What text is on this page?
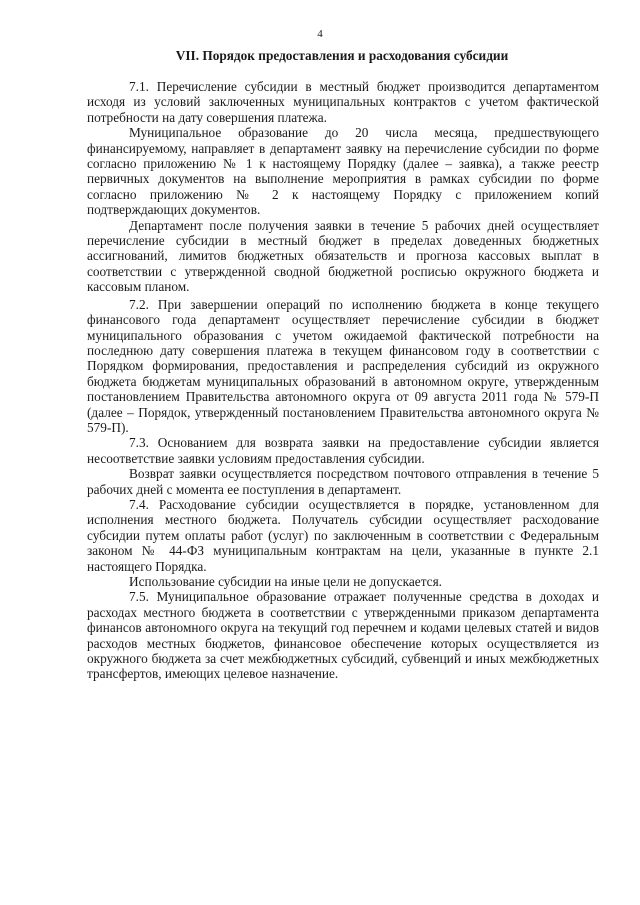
4
VII. Порядок предоставления и расходования субсидии

7.1. Перечисление субсидии в местный бюджет производится департаментом исходя из условий заключенных муниципальных контрактов с учетом фактической потребности на дату совершения платежа.

Муниципальное образование до 20 числа месяца, предшествующего финансируемому, направляет в департамент заявку на перечисление субсидии по форме согласно приложению № 1 к настоящему Порядку (далее – заявка), а также реестр первичных документов на выполнение мероприятия в рамках субсидии по форме согласно приложению № 2 к настоящему Порядку с приложением копий подтверждающих документов.

Департамент после получения заявки в течение 5 рабочих дней осуществляет перечисление субсидии в местный бюджет в пределах доведенных бюджетных ассигнований, лимитов бюджетных обязательств и прогноза кассовых выплат в соответствии с утвержденной сводной бюджетной росписью окружного бюджета и кассовым планом.

7.2. При завершении операций по исполнению бюджета в конце текущего финансового года департамент осуществляет перечисление субсидии в бюджет муниципального образования с учетом ожидаемой фактической потребности на последнюю дату совершения платежа в текущем финансовом году в соответствии с Порядком формирования, предоставления и распределения субсидий из окружного бюджета бюджетам муниципальных образований в автономном округе, утвержденным постановлением Правительства автономного округа от 09 августа 2011 года № 579-П (далее – Порядок, утвержденный постановлением Правительства автономного округа № 579-П).

7.3. Основанием для возврата заявки на предоставление субсидии является несоответствие заявки условиям предоставления субсидии.

Возврат заявки осуществляется посредством почтового отправления в течение 5 рабочих дней с момента ее поступления в департамент.

7.4. Расходование субсидии осуществляется в порядке, установленном для исполнения местного бюджета. Получатель субсидии осуществляет расходование субсидии путем оплаты работ (услуг) по заключенным в соответствии с Федеральным законом № 44-ФЗ муниципальным контрактам на цели, указанные в пункте 2.1 настоящего Порядка.

Использование субсидии на иные цели не допускается.

7.5. Муниципальное образование отражает полученные средства в доходах и расходах местного бюджета в соответствии с утвержденными приказом департамента финансов автономного округа на текущий год перечнем и кодами целевых статей и видов расходов местных бюджетов, финансовое обеспечение которых осуществляется из окружного бюджета за счет межбюджетных субсидий, субвенций и иных межбюджетных трансфертов, имеющих целевое назначение.
